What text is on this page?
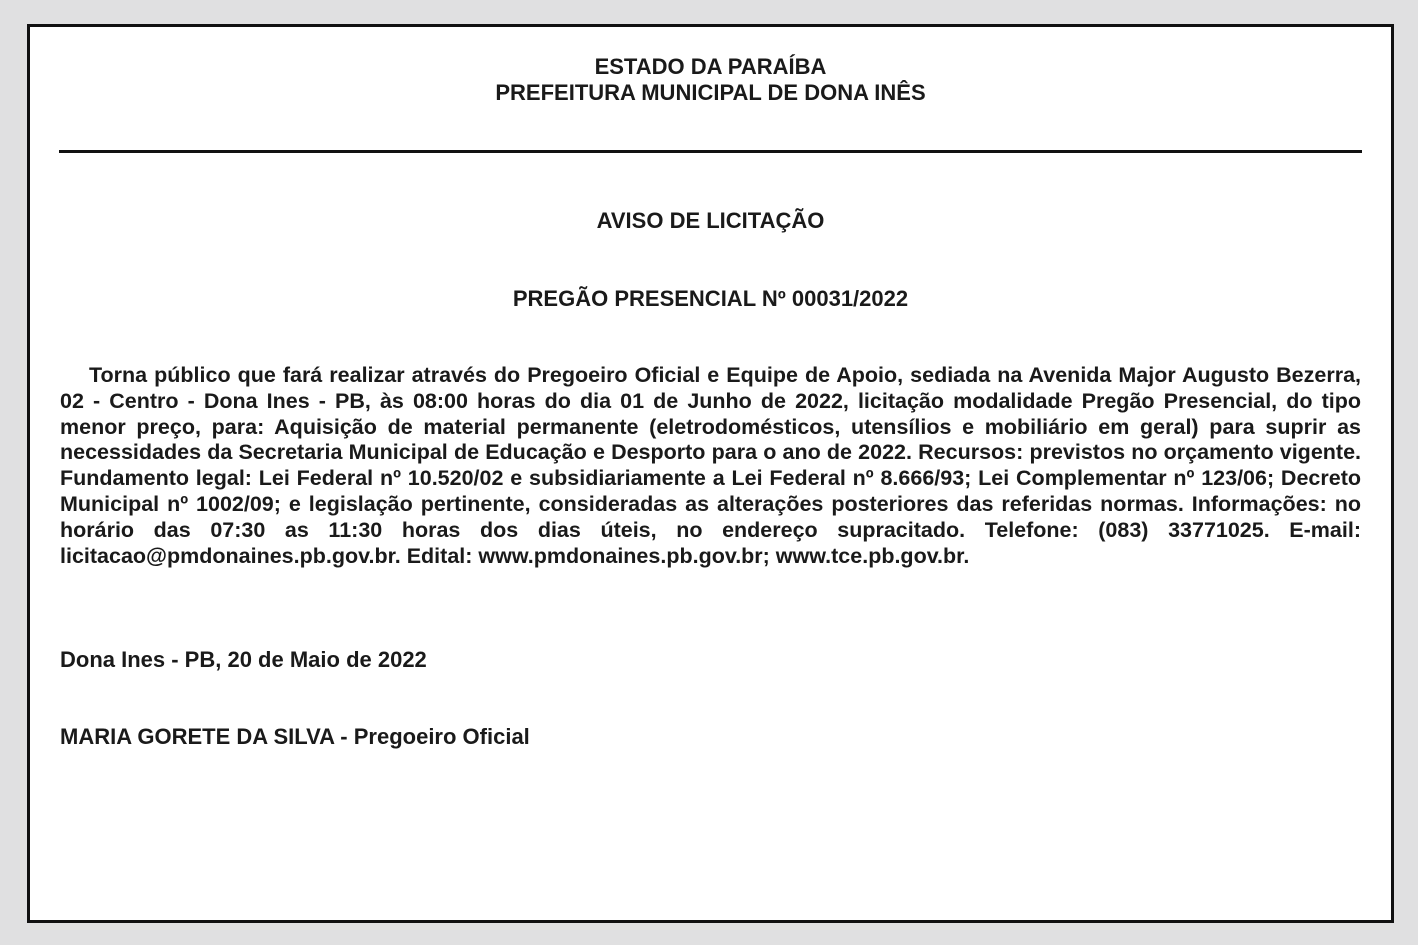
ESTADO DA PARAÍBA
PREFEITURA MUNICIPAL DE DONA INÊS
AVISO DE LICITAÇÃO
PREGÃO PRESENCIAL Nº 00031/2022
Torna público que fará realizar através do Pregoeiro Oficial e Equipe de Apoio, sediada na Avenida Major Augusto Bezerra, 02 - Centro - Dona Ines - PB, às 08:00 horas do dia 01 de Junho de 2022, licitação modalidade Pregão Presencial, do tipo menor preço, para: Aquisição de material permanente (eletrodomésticos, utensílios e mobiliário em geral) para suprir as necessidades da Secretaria Municipal de Educação e Desporto para o ano de 2022. Recursos: previstos no orçamento vigente. Fundamento legal: Lei Federal nº 10.520/02 e subsidiariamente a Lei Federal nº 8.666/93; Lei Complementar nº 123/06; Decreto Municipal nº 1002/09; e legislação pertinente, consideradas as alterações posteriores das referidas normas. Informações: no horário das 07:30 as 11:30 horas dos dias úteis, no endereço supracitado. Telefone: (083) 33771025. E-mail: licitacao@pmdonaines.pb.gov.br. Edital: www.pmdonaines.pb.gov.br; www.tce.pb.gov.br.
Dona Ines - PB, 20 de Maio de 2022
MARIA GORETE DA SILVA - Pregoeiro Oficial
